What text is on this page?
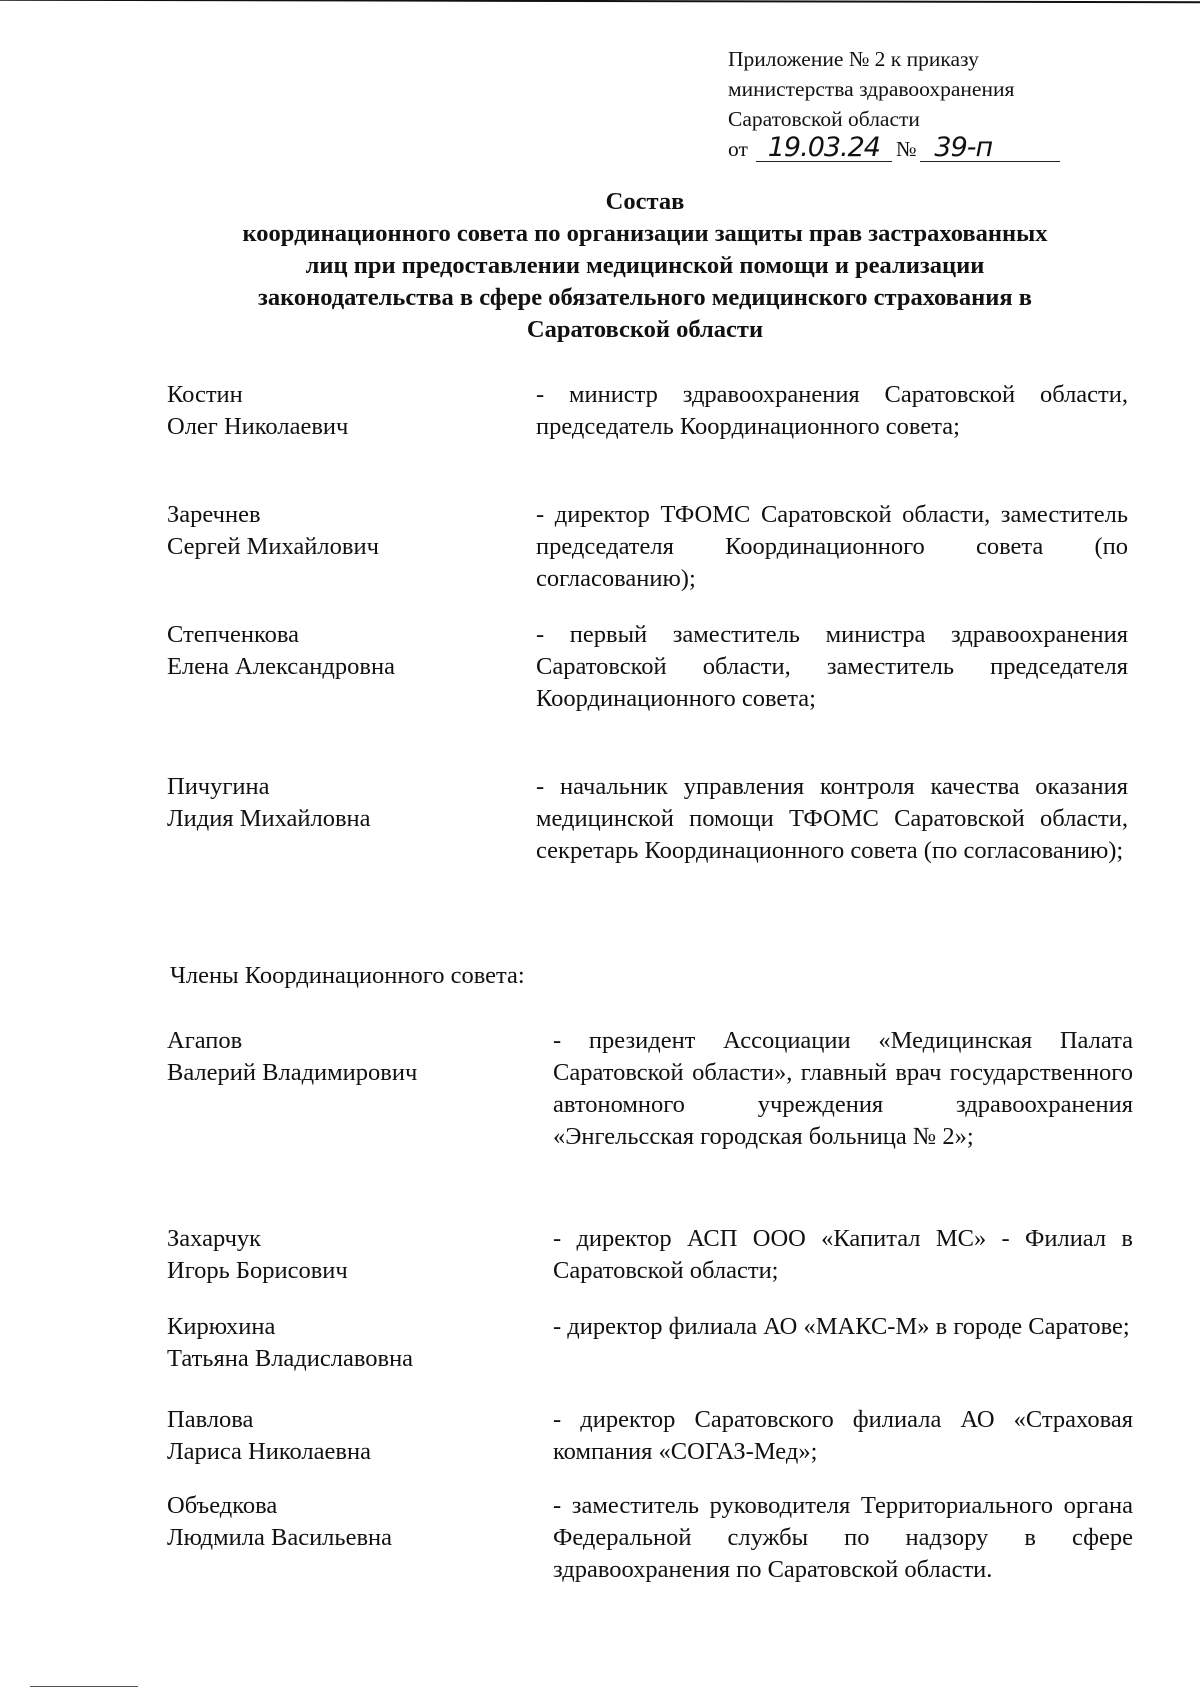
Приложение № 2 к приказу
министерства здравоохранения
Саратовской области
от 19.03.24 № 39-п
Состав
координационного совета по организации защиты прав застрахованных
лиц при предоставлении медицинской помощи и реализации
законодательства в сфере обязательного медицинского страхования в
Саратовской области
Костин
Олег Николаевич
- министр здравоохранения Саратовской области, председатель Координационного совета;
Заречнев
Сергей Михайлович
- директор ТФОМС Саратовской области, заместитель председателя Координационного совета (по согласованию);
Степченкова
Елена Александровна
- первый заместитель министра здравоохранения Саратовской области, заместитель председателя Координационного совета;
Пичугина
Лидия Михайловна
- начальник управления контроля качества оказания медицинской помощи ТФОМС Саратовской области, секретарь Координационного совета (по согласованию);
Члены Координационного совета:
Агапов
Валерий Владимирович
- президент Ассоциации «Медицинская Палата Саратовской области», главный врач государственного автономного учреждения здравоохранения «Энгельсская городская больница № 2»;
Захарчук
Игорь Борисович
- директор АСП ООО «Капитал МС» - Филиал в Саратовской области;
Кирюхина
Татьяна Владиславовна
- директор филиала АО «МАКС-М» в городе Саратове;
Павлова
Лариса Николаевна
- директор Саратовского филиала АО «Страховая компания «СОГАЗ-Мед»;
Объедкова
Людмила Васильевна
- заместитель руководителя Территориального органа Федеральной службы по надзору в сфере здравоохранения по Саратовской области.
